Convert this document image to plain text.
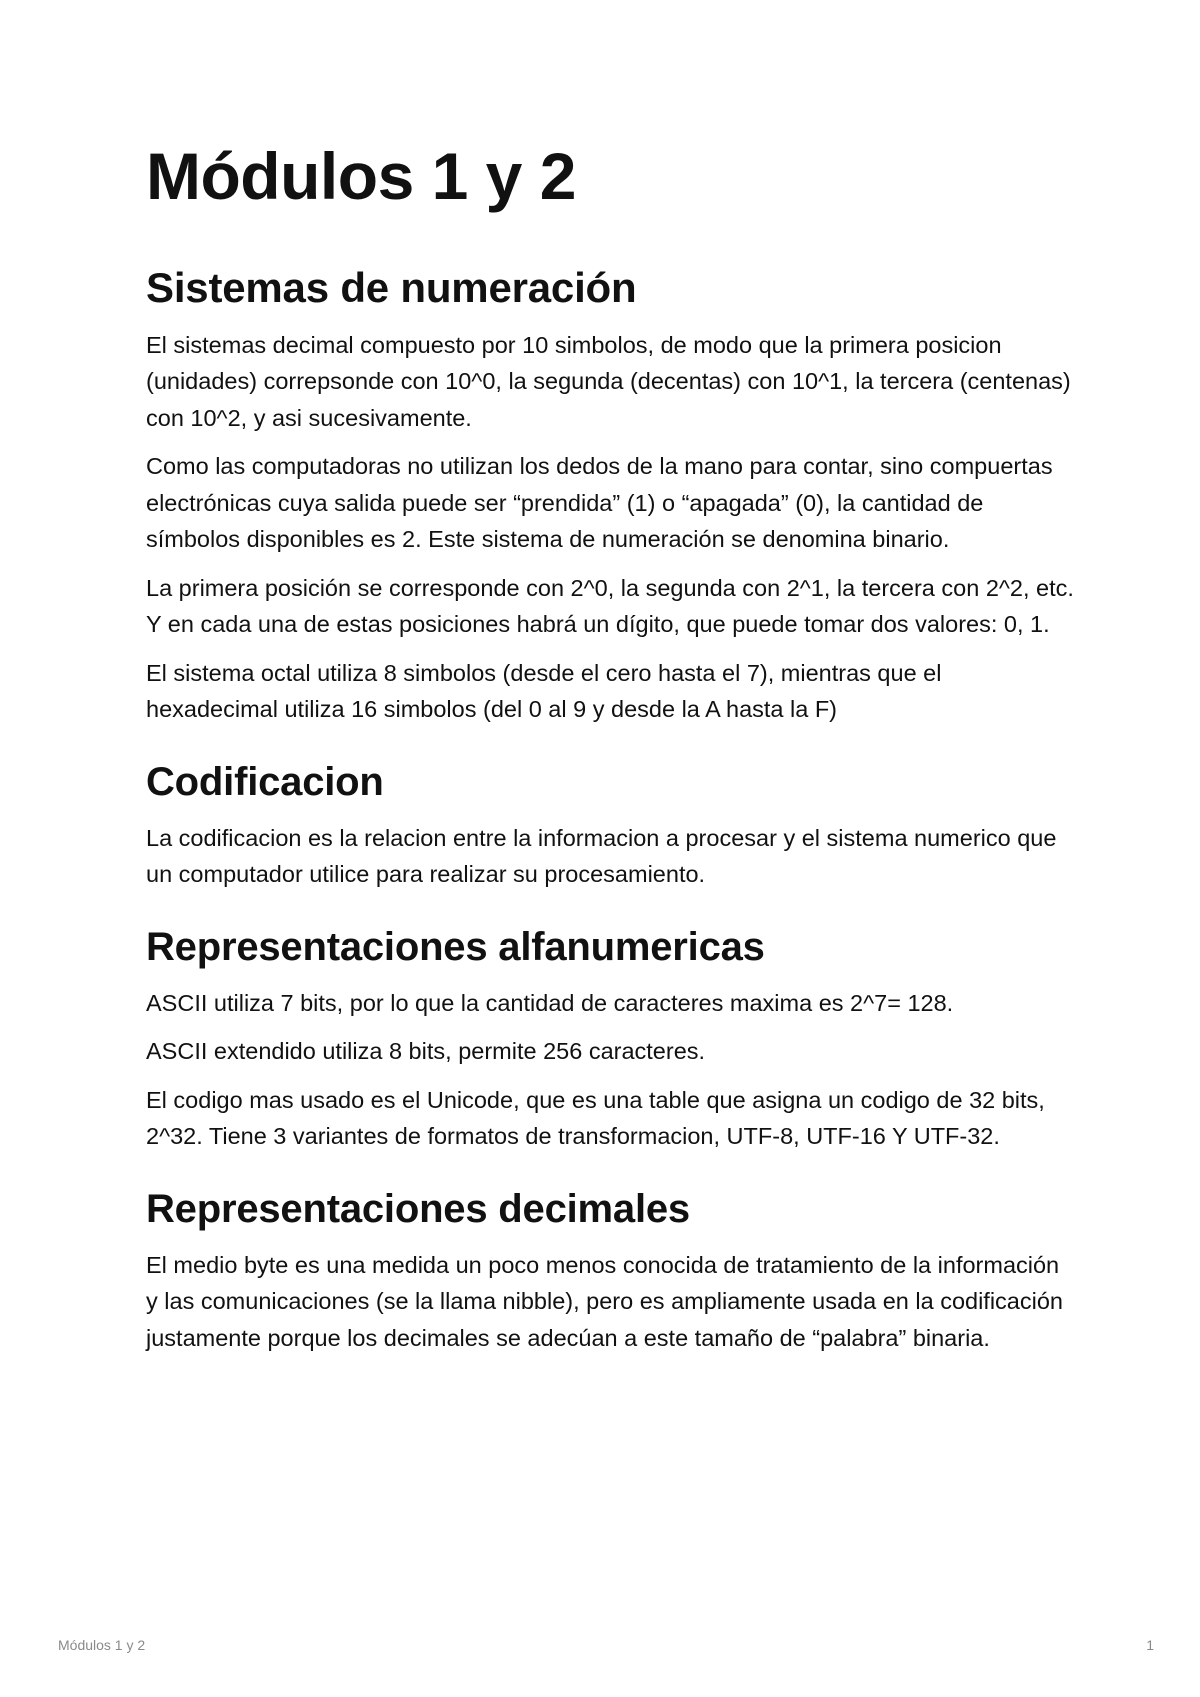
Módulos 1 y 2
Sistemas de numeración

El sistemas decimal compuesto por 10 simbolos, de modo que la primera posicion (unidades) correpsonde con 10^0, la segunda (decentas) con 10^1, la tercera (centenas) con 10^2, y asi sucesivamente.

Como las computadoras no utilizan los dedos de la mano para contar, sino compuertas electrónicas cuya salida puede ser “prendida” (1) o “apagada” (0), la cantidad de símbolos disponibles es 2. Este sistema de numeración se denomina binario.

La primera posición se corresponde con 2^0, la segunda con 2^1, la tercera con 2^2, etc. Y en cada una de estas posiciones habrá un dígito, que puede tomar dos valores: 0, 1.

El sistema octal utiliza 8 simbolos (desde el cero hasta el 7), mientras que el hexadecimal utiliza 16 simbolos (del 0 al 9 y desde la A hasta la F)

Codificacion

La codificacion es la relacion entre la informacion a procesar y el sistema numerico que un computador utilice para realizar su procesamiento.

Representaciones alfanumericas

ASCII utiliza 7 bits, por lo que la cantidad de caracteres maxima es 2^7= 128.

ASCII extendido utiliza 8 bits, permite 256 caracteres.

El codigo mas usado es el Unicode, que es una table que asigna un codigo de 32 bits, 2^32. Tiene 3 variantes de formatos de transformacion, UTF-8, UTF-16 Y UTF-32.

Representaciones decimales

El medio byte es una medida un poco menos conocida de tratamiento de la información y las comunicaciones (se la llama nibble), pero es ampliamente usada en la codificación justamente porque los decimales se adecúan a este tamaño de “palabra” binaria.

Módulos 1 y 2	1
